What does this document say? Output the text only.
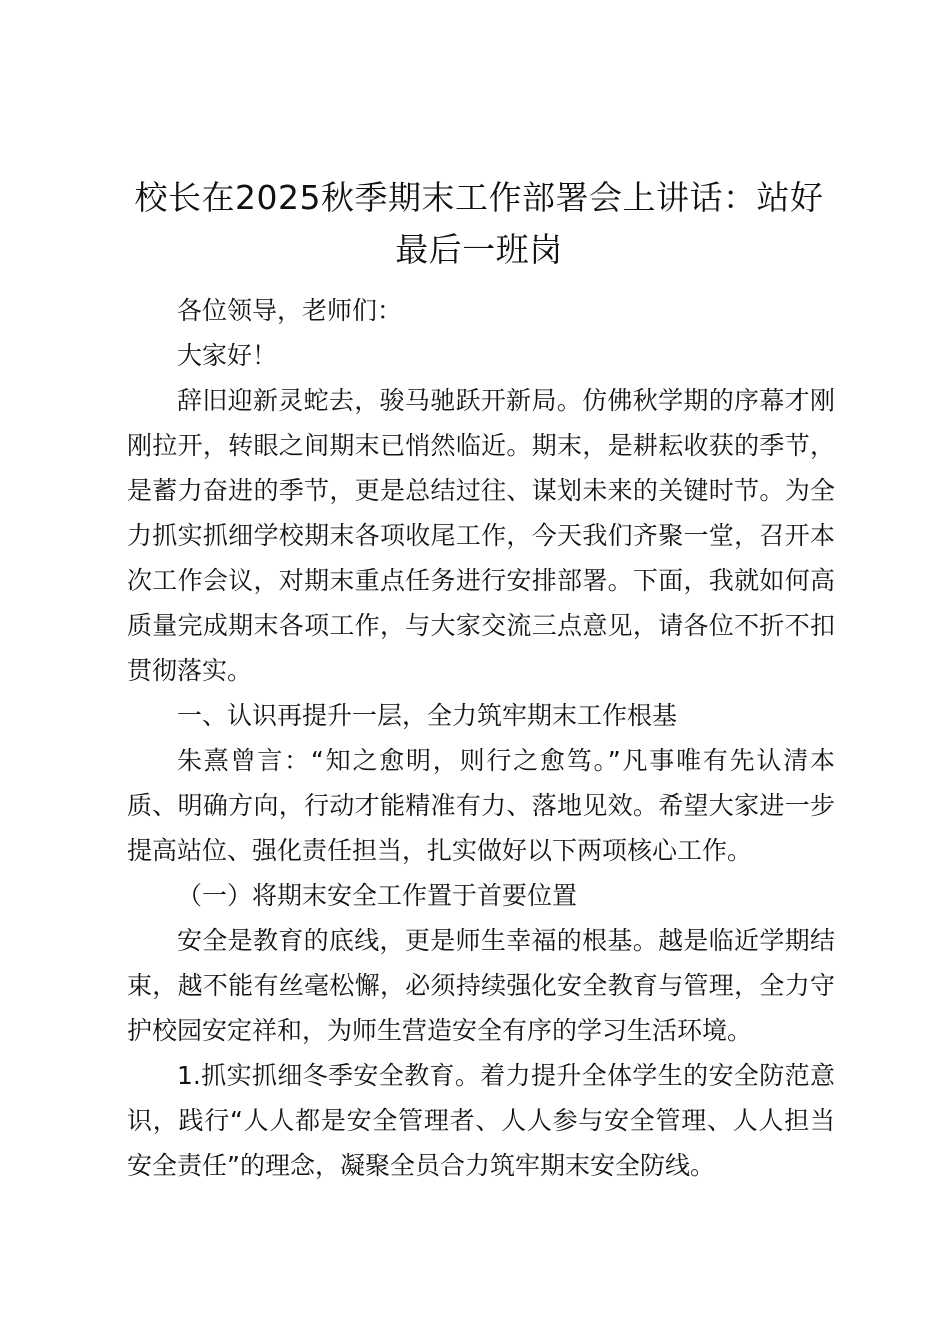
校长在2025秋季期末工作部署会上讲话：站好最后一班岗

各位领导，老师们：

大家好！

辞旧迎新灵蛇去，骏马驰跃开新局。仿佛秋学期的序幕才刚刚拉开，转眼之间期末已悄然临近。期末，是耕耘收获的季节，是蓄力奋进的季节，更是总结过往、谋划未来的关键时节。为全力抓实抓细学校期末各项收尾工作，今天我们齐聚一堂，召开本次工作会议，对期末重点任务进行安排部署。下面，我就如何高质量完成期末各项工作，与大家交流三点意见，请各位不折不扣贯彻落实。

一、认识再提升一层，全力筑牢期末工作根基

朱熹曾言：“知之愈明，则行之愈笃。”凡事唯有先认清本质、明确方向，行动才能精准有力、落地见效。希望大家进一步提高站位、强化责任担当，扎实做好以下两项核心工作。

（一）将期末安全工作置于首要位置

安全是教育的底线，更是师生幸福的根基。越是临近学期结束，越不能有丝毫松懈，必须持续强化安全教育与管理，全力守护校园安定祥和，为师生营造安全有序的学习生活环境。

1.抓实抓细冬季安全教育。着力提升全体学生的安全防范意识，践行“人人都是安全管理者、人人参与安全管理、人人担当安全责任”的理念，凝聚全员合力筑牢期末安全防线。
